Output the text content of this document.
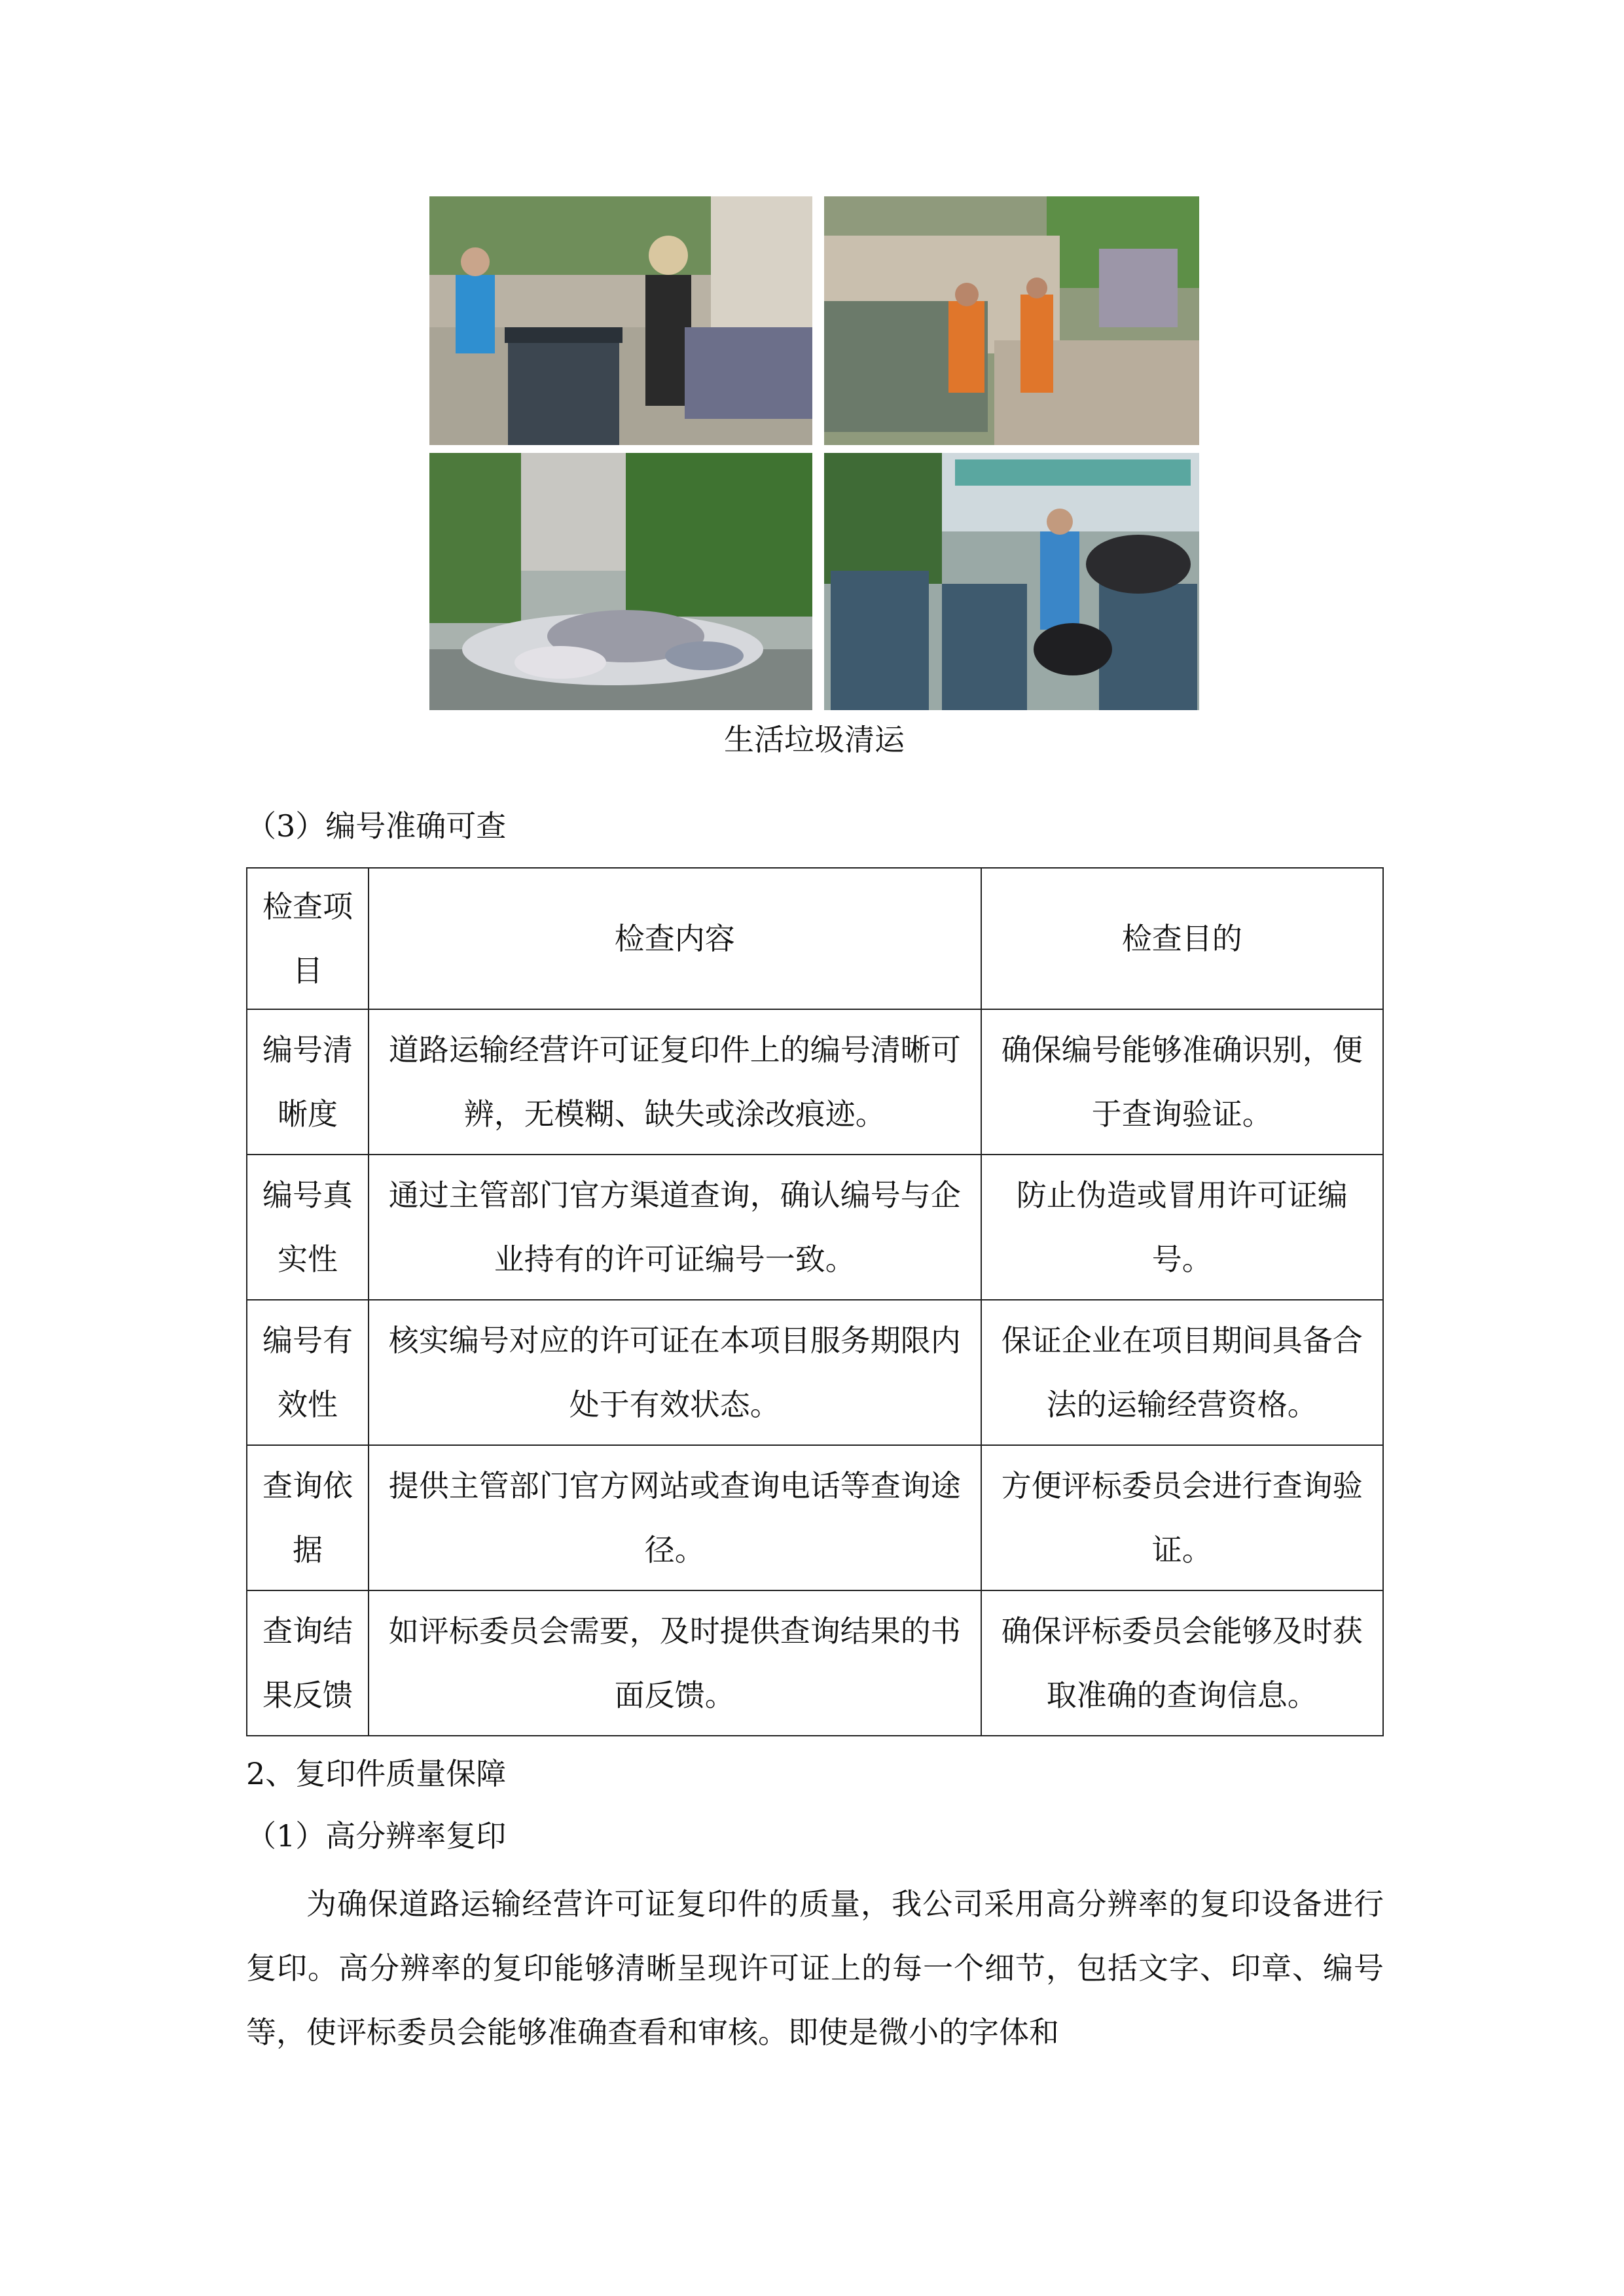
生活垃圾清运
（3）编号准确可查
检查项目	检查内容	检查目的
编号清晰度	道路运输经营许可证复印件上的编号清晰可辨，无模糊、缺失或涂改痕迹。	确保编号能够准确识别，便于查询验证。
编号真实性	通过主管部门官方渠道查询，确认编号与企业持有的许可证编号一致。	防止伪造或冒用许可证编号。
编号有效性	核实编号对应的许可证在本项目服务期限内处于有效状态。	保证企业在项目期间具备合法的运输经营资格。
查询依据	提供主管部门官方网站或查询电话等查询途径。	方便评标委员会进行查询验证。
查询结果反馈	如评标委员会需要，及时提供查询结果的书面反馈。	确保评标委员会能够及时获取准确的查询信息。
2、复印件质量保障
（1）高分辨率复印
为确保道路运输经营许可证复印件的质量，我公司采用高分辨率的复印设备进行复印。高分辨率的复印能够清晰呈现许可证上的每一个细节，包括文字、印章、编号等，使评标委员会能够准确查看和审核。即使是微小的字体和
